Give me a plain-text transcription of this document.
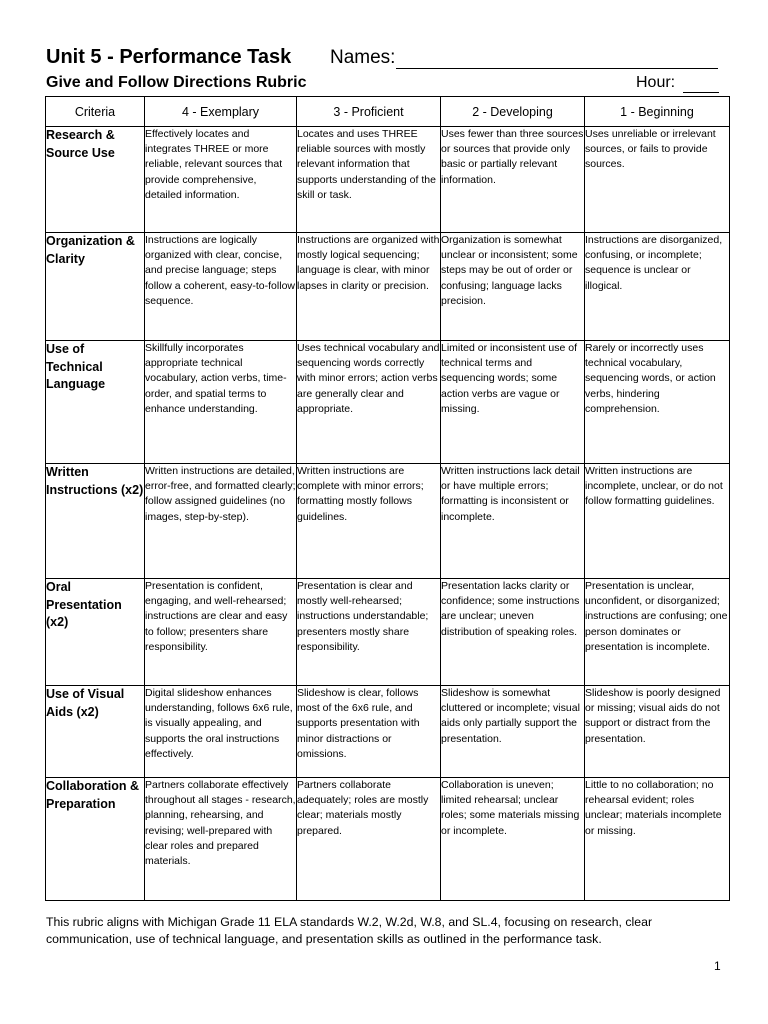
Unit 5 - Performance Task Names:
Give and Follow Directions Rubric	Hour:
Criteria	4 - Exemplary	3 - Proficient	2 - Developing	1 - Beginning
Research & Source Use	Effectively locates and integrates THREE or more reliable, relevant sources that provide comprehensive, detailed information.	Locates and uses THREE reliable sources with mostly relevant information that supports understanding of the skill or task.	Uses fewer than three sources or sources that provide only basic or partially relevant information.	Uses unreliable or irrelevant sources, or fails to provide sources.
Organization & Clarity	Instructions are logically organized with clear, concise, and precise language; steps follow a coherent, easy-to-follow sequence.	Instructions are organized with mostly logical sequencing; language is clear, with minor lapses in clarity or precision.	Organization is somewhat unclear or inconsistent; some steps may be out of order or confusing; language lacks precision.	Instructions are disorganized, confusing, or incomplete; sequence is unclear or illogical.
Use of Technical Language	Skillfully incorporates appropriate technical vocabulary, action verbs, time-order, and spatial terms to enhance understanding.	Uses technical vocabulary and sequencing words correctly with minor errors; action verbs are generally clear and appropriate.	Limited or inconsistent use of technical terms and sequencing words; some action verbs are vague or missing.	Rarely or incorrectly uses technical vocabulary, sequencing words, or action verbs, hindering comprehension.
Written Instructions (x2)	Written instructions are detailed, error-free, and formatted clearly; follow assigned guidelines (no images, step-by-step).	Written instructions are complete with minor errors; formatting mostly follows guidelines.	Written instructions lack detail or have multiple errors; formatting is inconsistent or incomplete.	Written instructions are incomplete, unclear, or do not follow formatting guidelines.
Oral Presentation (x2)	Presentation is confident, engaging, and well-rehearsed; instructions are clear and easy to follow; presenters share responsibility.	Presentation is clear and mostly well-rehearsed; instructions understandable; presenters mostly share responsibility.	Presentation lacks clarity or confidence; some instructions are unclear; uneven distribution of speaking roles.	Presentation is unclear, unconfident, or disorganized; instructions are confusing; one person dominates or presentation is incomplete.
Use of Visual Aids (x2)	Digital slideshow enhances understanding, follows 6x6 rule, is visually appealing, and supports the oral instructions effectively.	Slideshow is clear, follows most of the 6x6 rule, and supports presentation with minor distractions or omissions.	Slideshow is somewhat cluttered or incomplete; visual aids only partially support the presentation.	Slideshow is poorly designed or missing; visual aids do not support or distract from the presentation.
Collaboration & Preparation	Partners collaborate effectively throughout all stages - research, planning, rehearsing, and revising; well-prepared with clear roles and prepared materials.	Partners collaborate adequately; roles are mostly clear; materials mostly prepared.	Collaboration is uneven; limited rehearsal; unclear roles; some materials missing or incomplete.	Little to no collaboration; no rehearsal evident; roles unclear; materials incomplete or missing.
This rubric aligns with Michigan Grade 11 ELA standards W.2, W.2d, W.8, and SL.4, focusing on research, clear communication, use of technical language, and presentation skills as outlined in the performance task.
1
